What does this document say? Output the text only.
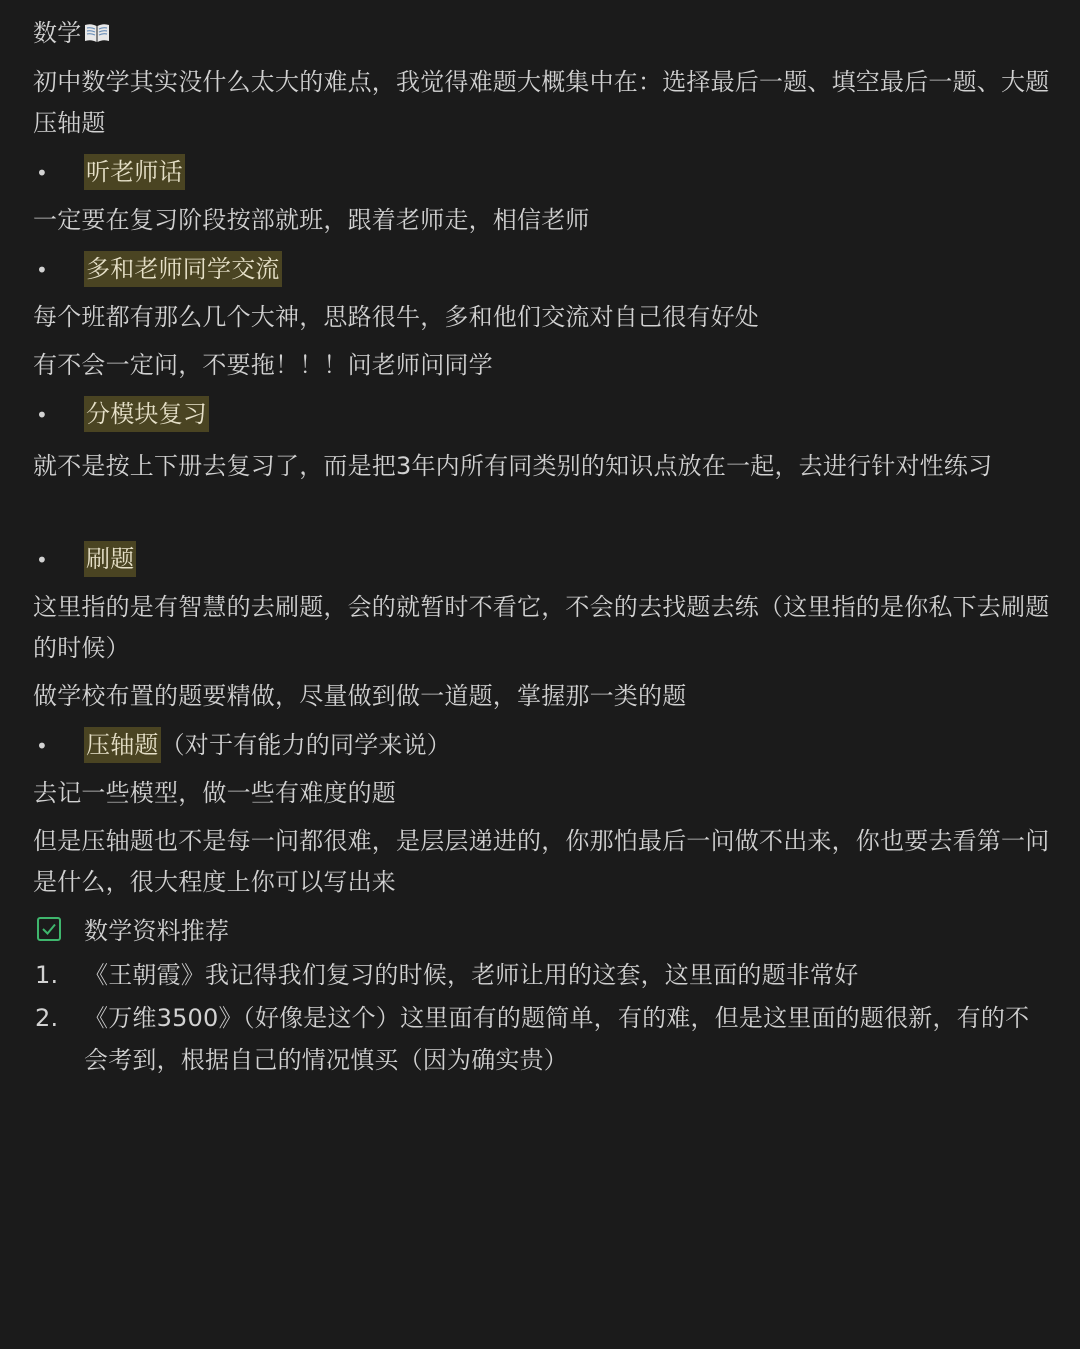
数学
初中数学其实没什么太大的难点，我觉得难题大概集中在：选择最后一题、填空最后一题、大题压轴题
• 听老师话
一定要在复习阶段按部就班，跟着老师走，相信老师
• 多和老师同学交流
每个班都有那么几个大神，思路很牛，多和他们交流对自己很有好处
有不会一定问，不要拖！！！问老师问同学
• 分模块复习
就不是按上下册去复习了，而是把3年内所有同类别的知识点放在一起，去进行针对性练习
• 刷题
这里指的是有智慧的去刷题，会的就暂时不看它，不会的去找题去练（这里指的是你私下去刷题的时候）
做学校布置的题要精做，尽量做到做一道题，掌握那一类的题
• 压轴题（对于有能力的同学来说）
去记一些模型，做一些有难度的题
但是压轴题也不是每一问都很难，是层层递进的，你那怕最后一问做不出来，你也要去看第一问是什么，很大程度上你可以写出来
数学资料推荐
1. 《王朝霞》我记得我们复习的时候，老师让用的这套，这里面的题非常好
2. 《万维3500》（好像是这个）这里面有的题简单，有的难，但是这里面的题很新，有的不会考到，根据自己的情况慎买（因为确实贵）
